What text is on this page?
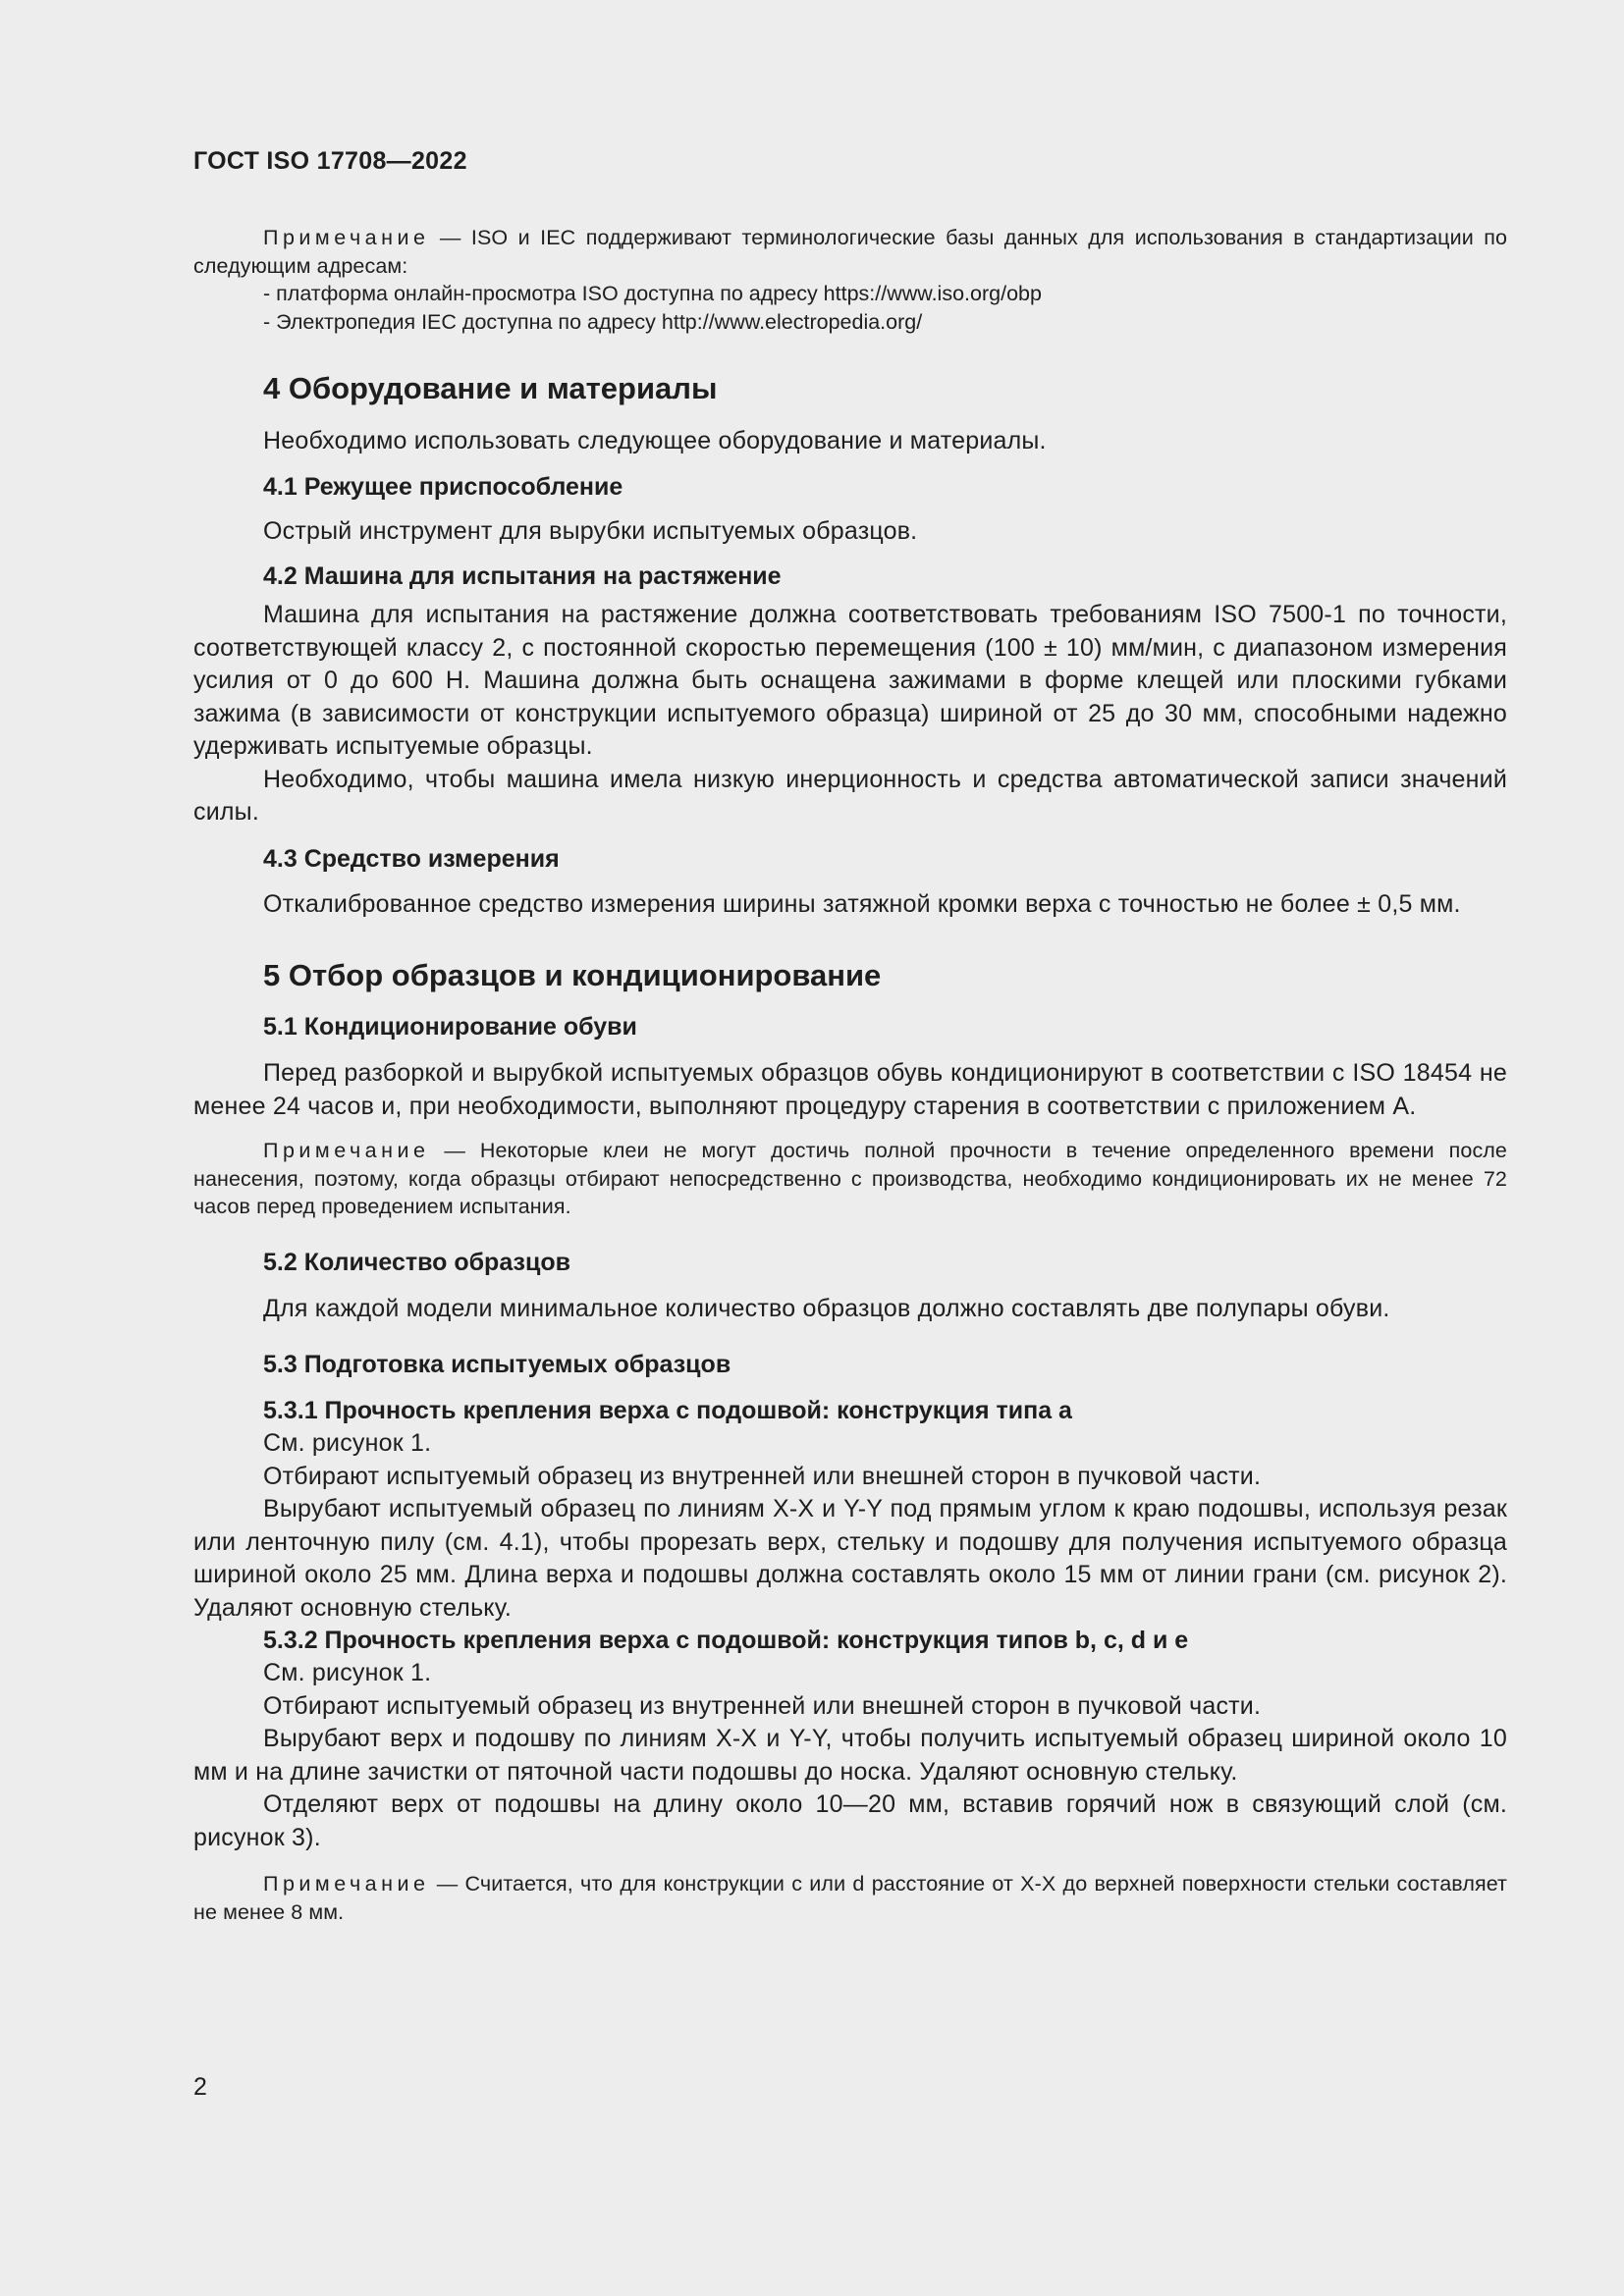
ГОСТ ISO 17708—2022

Примечание — ISO и IEC поддерживают терминологические базы данных для использования в стандартизации по следующим адресам:

- платформа онлайн-просмотра ISO доступна по адресу https://www.iso.org/obp

- Электропедия IEC доступна по адресу http://www.electropedia.org/

4 Оборудование и материалы

Необходимо использовать следующее оборудование и материалы.

4.1 Режущее приспособление

Острый инструмент для вырубки испытуемых образцов.

4.2 Машина для испытания на растяжение

Машина для испытания на растяжение должна соответствовать требованиям ISO 7500-1 по точности, соответствующей классу 2, с постоянной скоростью перемещения (100 ± 10) мм/мин, с диапазоном измерения усилия от 0 до 600 Н. Машина должна быть оснащена зажимами в форме клещей или плоскими губками зажима (в зависимости от конструкции испытуемого образца) шириной от 25 до 30 мм, способными надежно удерживать испытуемые образцы.

Необходимо, чтобы машина имела низкую инерционность и средства автоматической записи значений силы.

4.3 Средство измерения

Откалиброванное средство измерения ширины затяжной кромки верха с точностью не более ± 0,5 мм.

5 Отбор образцов и кондиционирование
5.1 Кондиционирование обуви

Перед разборкой и вырубкой испытуемых образцов обувь кондиционируют в соответствии с ISO 18454 не менее 24 часов и, при необходимости, выполняют процедуру старения в соответствии с приложением А.

Примечание — Некоторые клеи не могут достичь полной прочности в течение определенного времени после нанесения, поэтому, когда образцы отбирают непосредственно с производства, необходимо кондиционировать их не менее 72 часов перед проведением испытания.

5.2 Количество образцов

Для каждой модели минимальное количество образцов должно составлять две полупары обуви.

5.3 Подготовка испытуемых образцов
5.3.1 Прочность крепления верха с подошвой: конструкция типа a

См. рисунок 1.

Отбирают испытуемый образец из внутренней или внешней сторон в пучковой части.

Вырубают испытуемый образец по линиям X-X и Y-Y под прямым углом к краю подошвы, используя резак или ленточную пилу (см. 4.1), чтобы прорезать верх, стельку и подошву для получения испытуемого образца шириной около 25 мм. Длина верха и подошвы должна составлять около 15 мм от линии грани (см. рисунок 2). Удаляют основную стельку.

5.3.2 Прочность крепления верха с подошвой: конструкция типов b, c, d и e

См. рисунок 1.

Отбирают испытуемый образец из внутренней или внешней сторон в пучковой части.

Вырубают верх и подошву по линиям X-X и Y-Y, чтобы получить испытуемый образец шириной около 10 мм и на длине зачистки от пяточной части подошвы до носка. Удаляют основную стельку.

Отделяют верх от подошвы на длину около 10—20 мм, вставив горячий нож в связующий слой (см. рисунок 3).

Примечание — Считается, что для конструкции c или d расстояние от X-X до верхней поверхности стельки составляет не менее 8 мм.

2
